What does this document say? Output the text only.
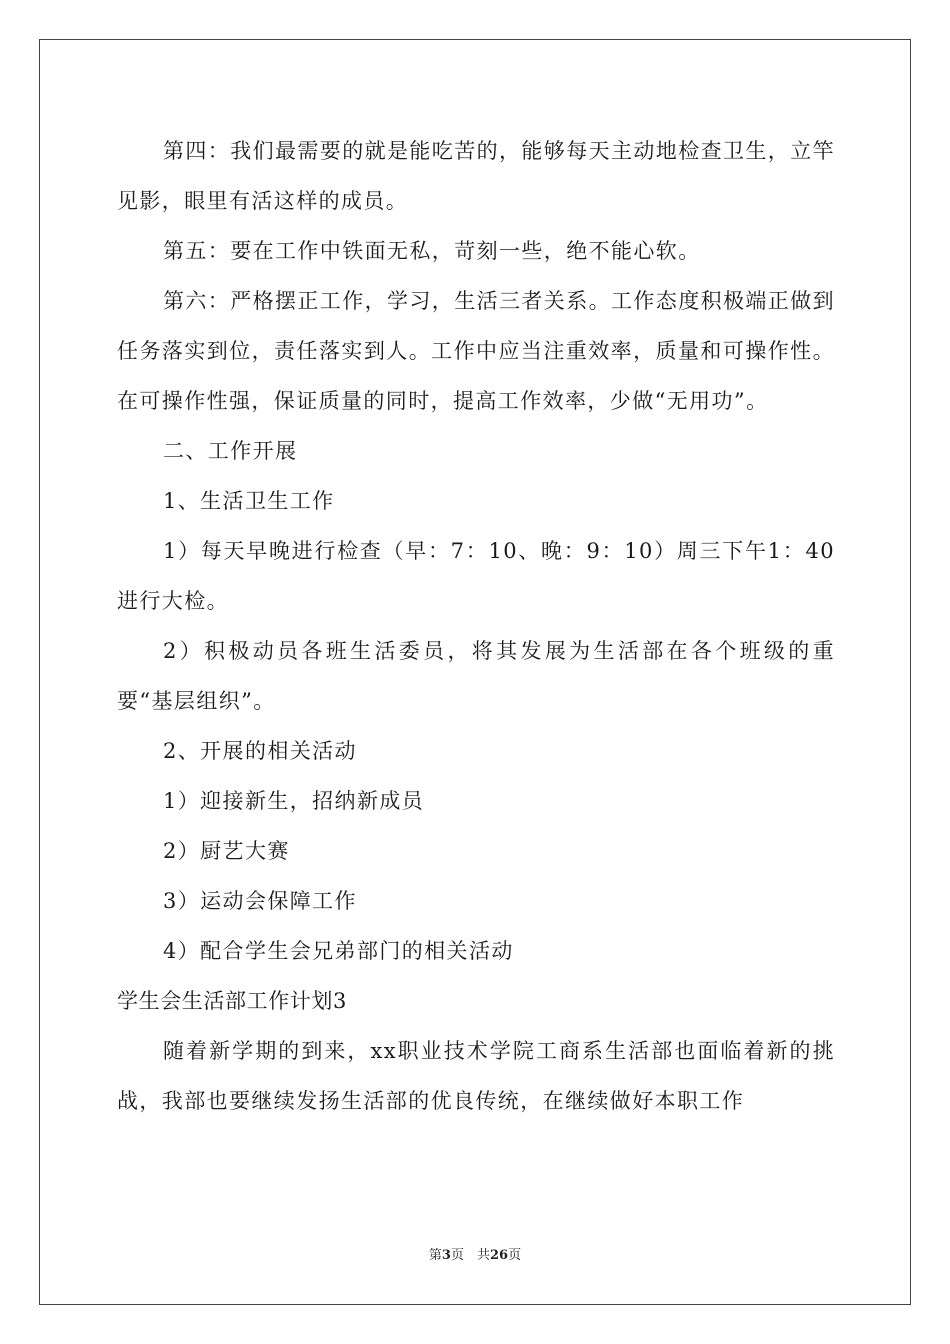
第四：我们最需要的就是能吃苦的，能够每天主动地检查卫生，立竿见影，眼里有活这样的成员。

第五：要在工作中铁面无私，苛刻一些，绝不能心软。

第六：严格摆正工作，学习，生活三者关系。工作态度积极端正做到任务落实到位，责任落实到人。工作中应当注重效率，质量和可操作性。在可操作性强，保证质量的同时，提高工作效率，少做“无用功”。

二、工作开展

1、生活卫生工作

1）每天早晚进行检查（早：7：10、晚：9：10）周三下午1：40进行大检。

2）积极动员各班生活委员，将其发展为生活部在各个班级的重要“基层组织”。

2、开展的相关活动

1）迎接新生，招纳新成员

2）厨艺大赛

3）运动会保障工作

4）配合学生会兄弟部门的相关活动

学生会生活部工作计划3

随着新学期的到来，xx职业技术学院工商系生活部也面临着新的挑战，我部也要继续发扬生活部的优良传统，在继续做好本职工作

第3页　共26页
